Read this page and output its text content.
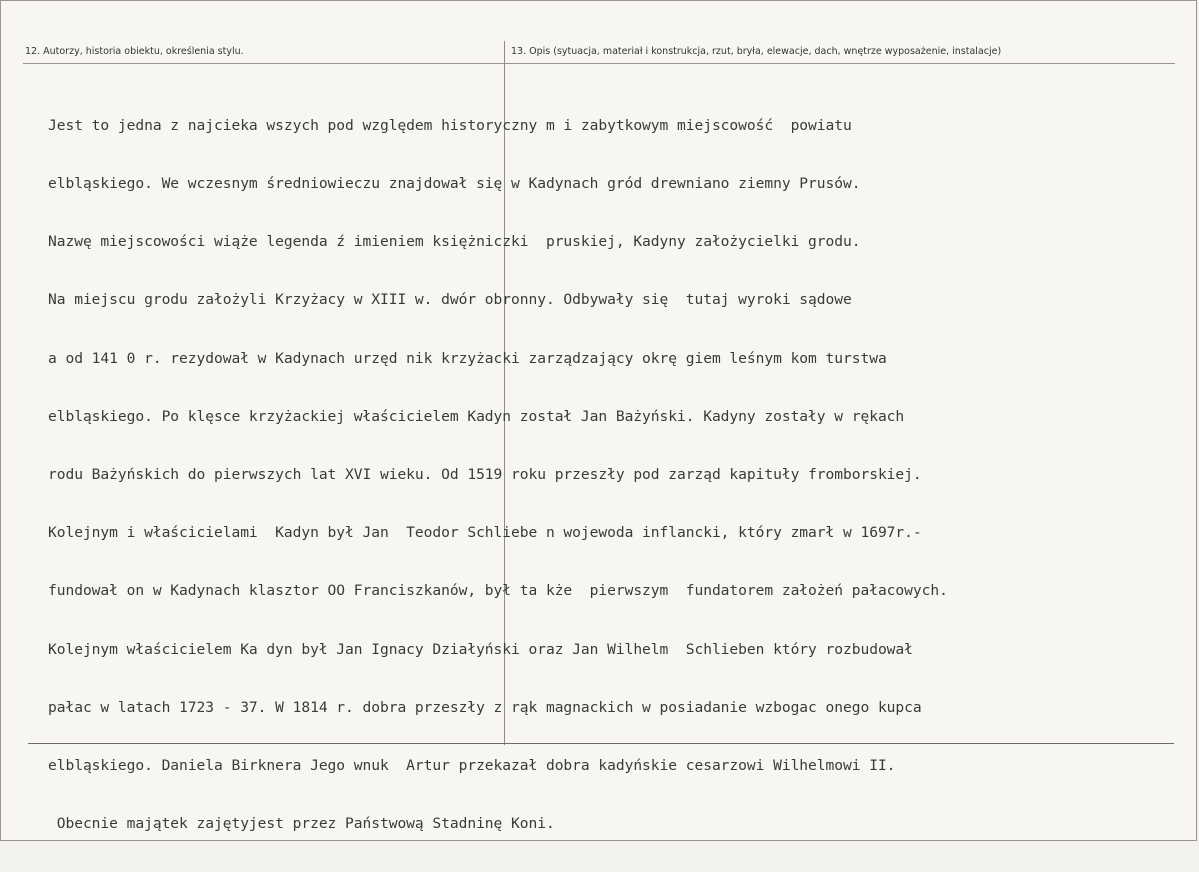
12. Autorzy, historia obiektu, określenia stylu.	13. Opis (sytuacja, materiał i konstrukcja, rzut, bryła, elewacje, dach, wnętrze wyposażenie, instalacje)

Jest to jedna z najcieka wszych pod względem historyczny m i zabytkowym miejscowość  powiatu

elbląskiego. We wczesnym średniowieczu znajdował się w Kadynach gród drewniano ziemny Prusów.

Nazwę miejscowości wiąże legenda ź imieniem księżniczki  pruskiej, Kadyny założycielki grodu.

Na miejscu grodu założyli Krzyżacy w XIII w. dwór obronny. Odbywały się  tutaj wyroki sądowe

a od 141 0 r. rezydował w Kadynach urzęd nik krzyżacki zarządzający okrę giem leśnym kom turstwa

elbląskiego. Po klęsce krzyżackiej właścicielem Kadyn został Jan Bażyński. Kadyny zostały w rękach

rodu Bażyńskich do pierwszych lat XVI wieku. Od 1519 roku przeszły pod zarząd kapituły fromborskiej.

Kolejnym i właścicielami  Kadyn był Jan  Teodor Schliebe n wojewoda inflancki, który zmarł w 1697r.-

fundował on w Kadynach klasztor OO Franciszkanów, był ta kże  pierwszym  fundatorem założeń pałacowych.

Kolejnym właścicielem Ka dyn był Jan Ignacy Działyński oraz Jan Wilhelm  Schlieben który rozbudował

pałac w latach 1723 - 37. W 1814 r. dobra przeszły z rąk magnackich w posiadanie wzbogac onego kupca

elbląskiego. Daniela Birknera Jego wnuk  Artur przekazał dobra kadyńskie cesarzowi Wilhelmowi II.

Obecnie majątek zajętyjest przez Państwową Stadninę Koni.
